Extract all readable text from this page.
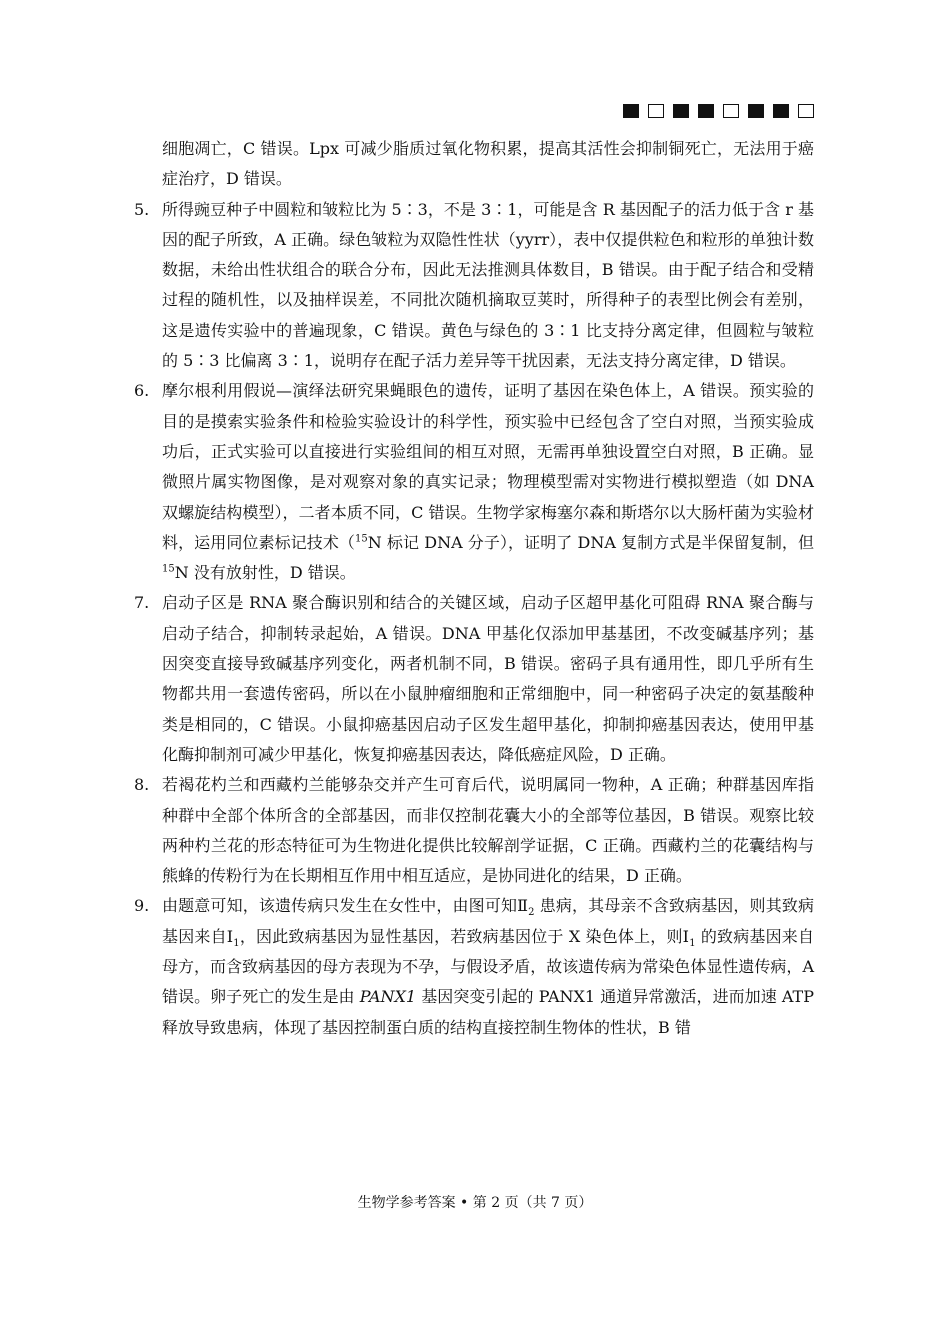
细胞凋亡，C 错误。Lpx 可减少脂质过氧化物积累，提高其活性会抑制铜死亡，无法用于癌症治疗，D 错误。

5. 所得豌豆种子中圆粒和皱粒比为 5∶3，不是 3∶1，可能是含 R 基因配子的活力低于含 r 基因的配子所致，A 正确。绿色皱粒为双隐性性状（yyrr），表中仅提供粒色和粒形的单独计数数据，未给出性状组合的联合分布，因此无法推测具体数目，B 错误。由于配子结合和受精过程的随机性，以及抽样误差，不同批次随机摘取豆荚时，所得种子的表型比例会有差别，这是遗传实验中的普遍现象，C 错误。黄色与绿色的 3∶1 比支持分离定律，但圆粒与皱粒的 5∶3 比偏离 3∶1，说明存在配子活力差异等干扰因素，无法支持分离定律，D 错误。

6. 摩尔根利用假说—演绎法研究果蝇眼色的遗传，证明了基因在染色体上，A 错误。预实验的目的是摸索实验条件和检验实验设计的科学性，预实验中已经包含了空白对照，当预实验成功后，正式实验可以直接进行实验组间的相互对照，无需再单独设置空白对照，B 正确。显微照片属实物图像，是对观察对象的真实记录；物理模型需对实物进行模拟塑造（如 DNA 双螺旋结构模型），二者本质不同，C 错误。生物学家梅塞尔森和斯塔尔以大肠杆菌为实验材料，运用同位素标记技术（$^{15}$N 标记 DNA 分子），证明了 DNA 复制方式是半保留复制，但 $^{15}$N 没有放射性，D 错误。

7. 启动子区是 RNA 聚合酶识别和结合的关键区域，启动子区超甲基化可阻碍 RNA 聚合酶与启动子结合，抑制转录起始，A 错误。DNA 甲基化仅添加甲基基团，不改变碱基序列；基因突变直接导致碱基序列变化，两者机制不同，B 错误。密码子具有通用性，即几乎所有生物都共用一套遗传密码，所以在小鼠肿瘤细胞和正常细胞中，同一种密码子决定的氨基酸种类是相同的，C 错误。小鼠抑癌基因启动子区发生超甲基化，抑制抑癌基因表达，使用甲基化酶抑制剂可减少甲基化，恢复抑癌基因表达，降低癌症风险，D 正确。

8. 若褐花杓兰和西藏杓兰能够杂交并产生可育后代，说明属同一物种，A 正确；种群基因库指种群中全部个体所含的全部基因，而非仅控制花囊大小的全部等位基因，B 错误。观察比较两种杓兰花的形态特征可为生物进化提供比较解剖学证据，C 正确。西藏杓兰的花囊结构与熊蜂的传粉行为在长期相互作用中相互适应，是协同进化的结果，D 正确。

9. 由题意可知，该遗传病只发生在女性中，由图可知$Ⅱ_2$ 患病，其母亲不含致病基因，则其致病基因来自$Ⅰ_1$，因此致病基因为显性基因，若致病基因位于 X 染色体上，则$Ⅰ_1$ 的致病基因来自母方，而含致病基因的母方表现为不孕，与假设矛盾，故该遗传病为常染色体显性遗传病，A 错误。卵子死亡的发生是由 PANX1 基因突变引起的 PANX1 通道异常激活，进而加速 ATP 释放导致患病，体现了基因控制蛋白质的结构直接控制生物体的性状，B 错

生物学参考答案 • 第 2 页（共 7 页）
